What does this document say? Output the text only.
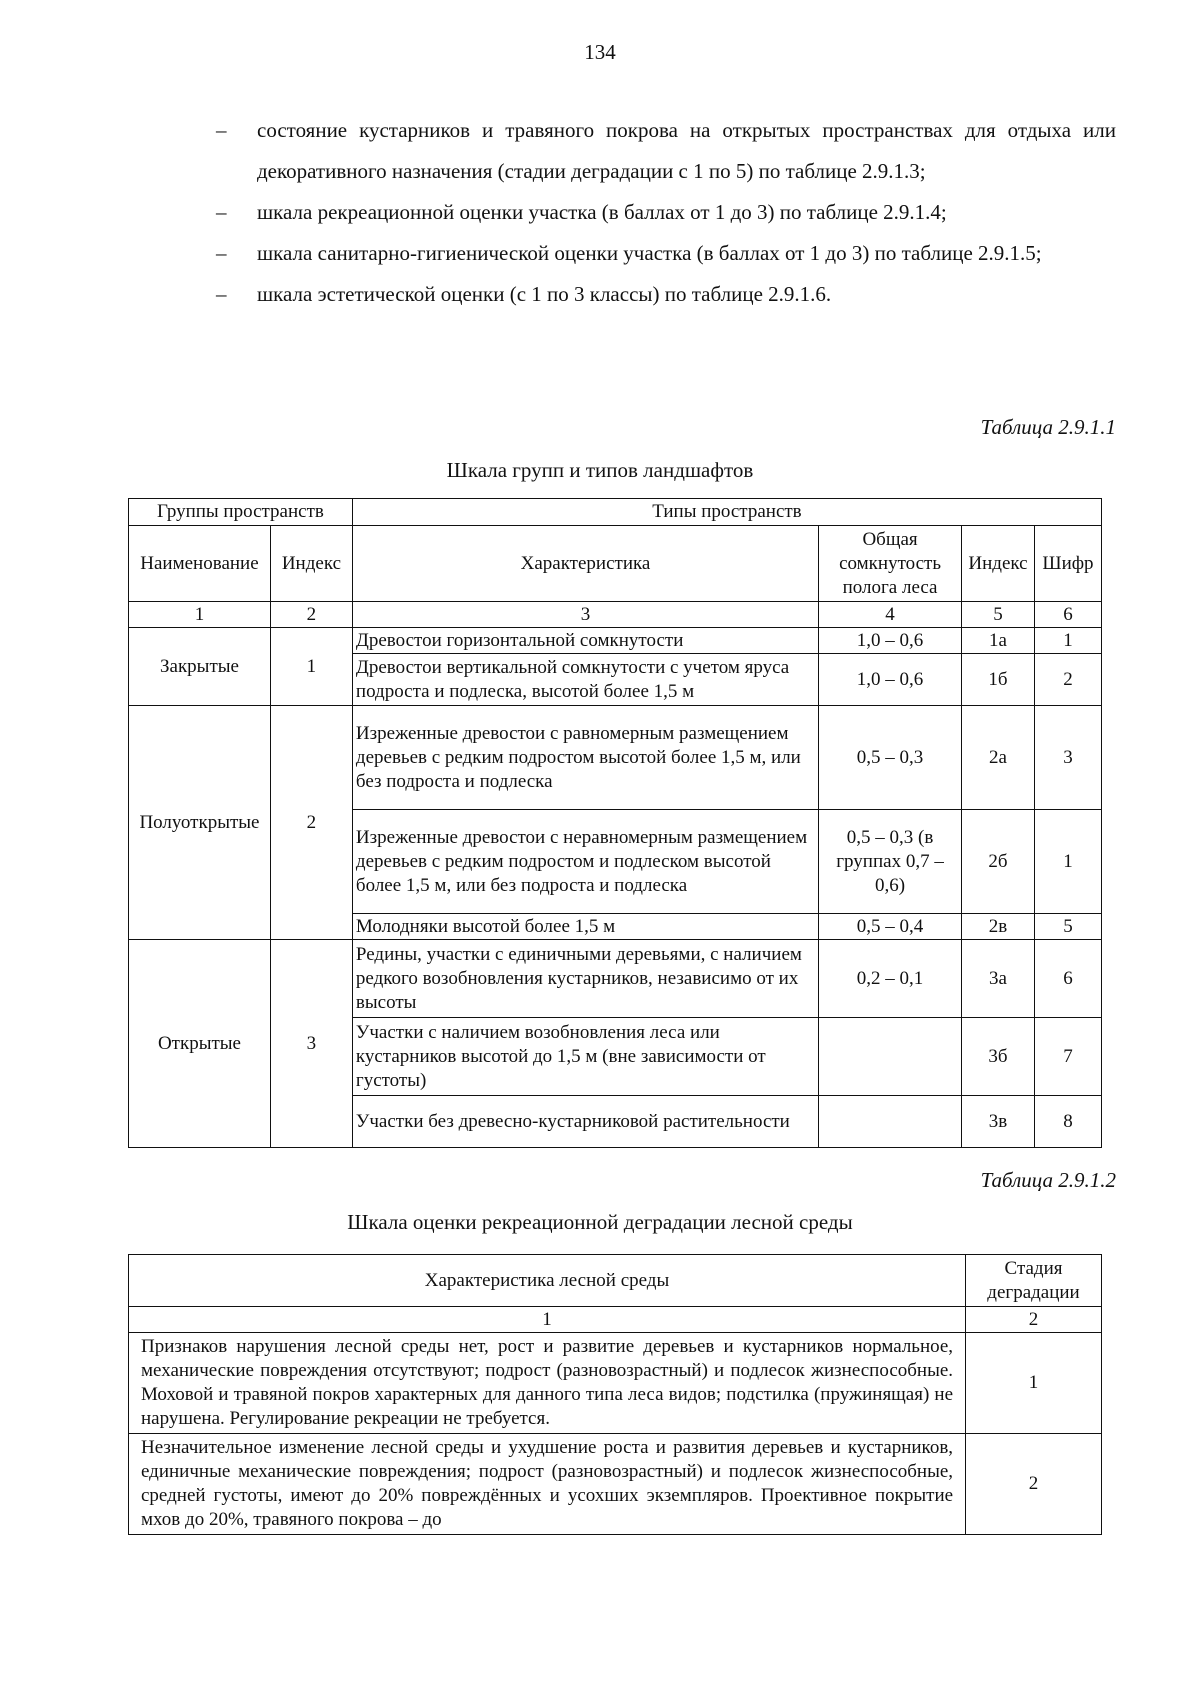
134
– состояние кустарников и травяного покрова на открытых пространствах для отдыха или декоративного назначения (стадии деградации с 1 по 5) по таблице 2.9.1.3;
– шкала рекреационной оценки участка (в баллах от 1 до 3) по таблице 2.9.1.4;
– шкала санитарно-гигиенической оценки участка (в баллах от 1 до 3) по таблице 2.9.1.5;
– шкала эстетической оценки (с 1 по 3 классы) по таблице 2.9.1.6.
Таблица 2.9.1.1
Шкала групп и типов ландшафтов
Группы пространств		Типы пространств			
Наименование	Индекс	Характеристика	Общая сомкнутость полога леса	Индекс	Шифр
1	2	3	4	5	6
Закрытые	1	Древостои горизонтальной сомкнутости	1,0 – 0,6	1а	1
		Древостои вертикальной сомкнутости с учетом яруса подроста и подлеска, высотой более 1,5 м	1,0 – 0,6	1б	2
Полуоткрытые	2	Изреженные древостои с равномерным размещением деревьев с редким подростом высотой более 1,5 м, или без подроста и подлеска	0,5 – 0,3	2а	3
		Изреженные древостои с неравномерным размещением деревьев с редким подростом и подлеском высотой более 1,5 м, или без подроста и подлеска	0,5 – 0,3 (в группах 0,7 – 0,6)	2б	1
		Молодняки высотой более 1,5 м	0,5 – 0,4	2в	5
Открытые	3	Редины, участки с единичными деревьями, с наличием редкого возобновления кустарников, независимо от их высоты	0,2 – 0,1	3а	6
		Участки с наличием возобновления леса или кустарников высотой до 1,5 м (вне зависимости от густоты)		3б	7
		Участки без древесно-кустарниковой растительности		3в	8
Таблица 2.9.1.2
Шкала оценки рекреационной деградации лесной среды
Характеристика лесной среды	Стадия деградации
1	2
Признаков нарушения лесной среды нет, рост и развитие деревьев и кустарников нормальное, механические повреждения отсутствуют; подрост (разновозрастный) и подлесок жизнеспособные. Моховой и травяной покров характерных для данного типа леса видов; подстилка (пружинящая) не нарушена. Регулирование рекреации не требуется.	1
Незначительное изменение лесной среды и ухудшение роста и развития деревьев и кустарников, единичные механические повреждения; подрост (разновозрастный) и подлесок жизнеспособные, средней густоты, имеют до 20% повреждённых и усохших экземпляров. Проективное покрытие мхов до 20%, травяного покрова – до	2
